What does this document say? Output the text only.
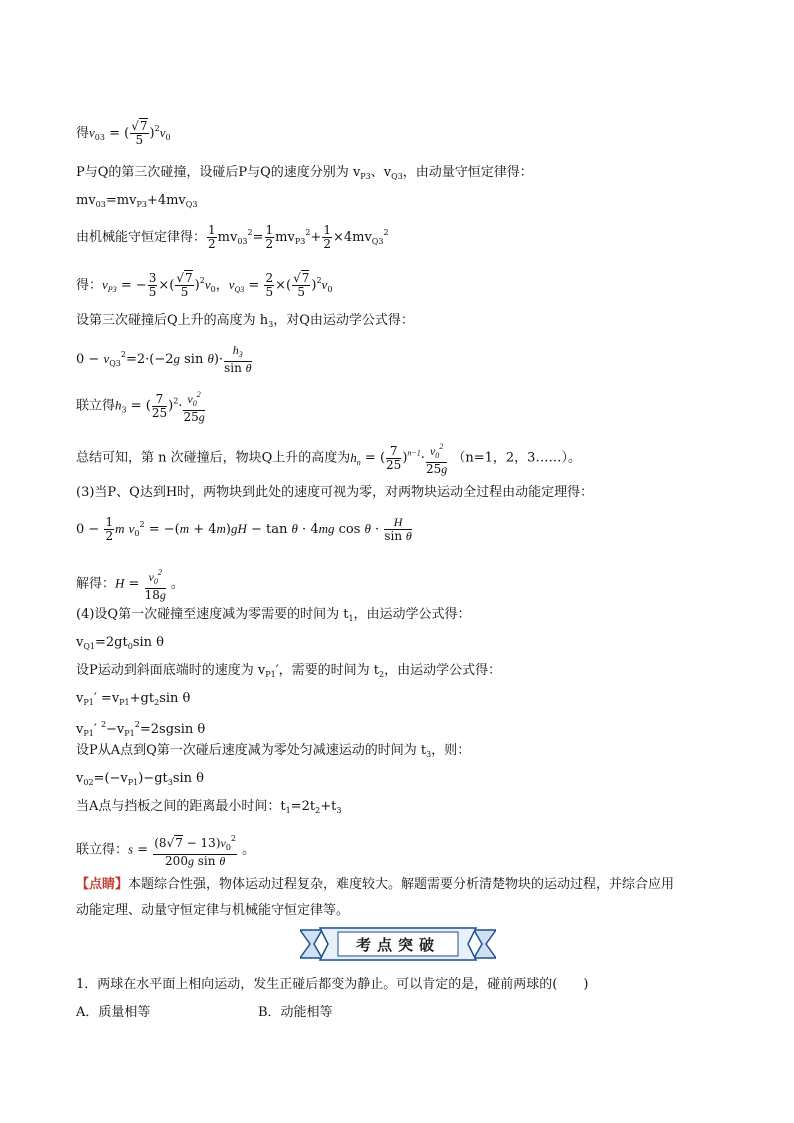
得$v_{03}$ = ( $\frac{√7}{5} )^2v_0$
P与Q的第三次碰撞，设碰后P与Q的速度分别为 $v_{P3}$、$v_{Q3}$，由动量守恒定律得：
$mv_{03}=mv_{P3}+4mv_{Q3}$
由机械能守恒定律得： $\frac{1}{2} mv_{03}^2= \frac{1}{2} mv_{P3}^2+ \frac{1}{2} \times 4mv_{Q3}^2$
得：$v_{P3}$ = − $\frac{3}{5}$ ×( $\frac{√7}{5} )^2v_0$，$v_{Q3} = \frac{2}{5}$ ×( $\frac{√7}{5} )^2v_0$
设第三次碰撞后Q上升的高度为 $h_3$，对Q由运动学公式得：
$0 - v_{Q3}^2=2\cdot(-2g$ $\sin \theta)\cdot \frac{h_3}{\text{sin θ}}$
联立得$h_3$ = ( $\frac{7}{25} )^2\cdot \frac{v_0^2}{25g}$
总结可知，第 n 次碰撞后，物块Q上升的高度为$h_n$ = ( $\frac{7}{25} )^{n-1}\cdot \frac{v_0^2}{25g} (n=1$，2，3……）。
(3)当P、Q达到H时，两物块到此处的速度可视为零，对两物块运动全过程由动能定理得：
$0 - \frac{1}{2}$ m $v_0^2 = -(m + 4m)gH - \tan \theta \cdot 4mg$ $\cos \theta \cdot \frac{H}{\text{sin θ}}$
解得：$H = \frac{v_0^2}{18g}$ 。
(4)设Q第一次碰撞至速度减为零需要的时间为 $t_1$，由运动学公式得：
$v_{Q1}=2gt_0\sin$ θ
设P运动到斜面底端时的速度为 $v_{P1}'$，需要的时间为 $t_2$，由运动学公式得：
$v_{P1}' =v_{P1}+gt_2\sin$ θ
$v_{P1}'$ $^2-v_{P1}^2=2sgsin$ θ
设P从A点到Q第一次碰后速度减为零处匀减速运动的时间为 $t_3$，则：
$v_{02}=(-v_{P1})-gt_3\sin$ θ
当A点与挡板之间的距离最小时间：$t_1=2t_2+t_3$
联立得：$s = \frac{(8√7 - 13)v_0^2}{\text{200g sin θ}}$ 。
【点睛】本题综合性强，物体运动过程复杂，难度较大。解题需要分析清楚物块的运动过程，并综合应用
动能定理、动量守恒定律与机械能守恒定律等。
考点突破
1．两球在水平面上相向运动，发生正碰后都变为静止。可以肯定的是，碰前两球的(　　)
A．质量相等	B．动能相等
